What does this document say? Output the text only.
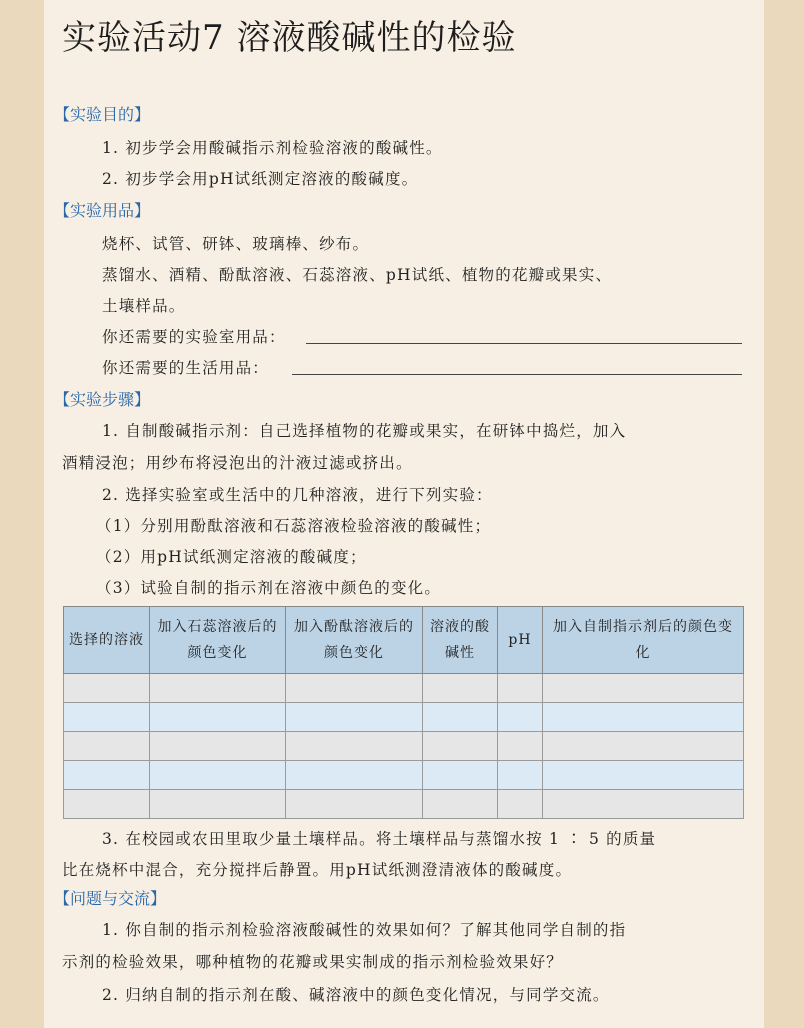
实验活动7 溶液酸碱性的检验
【实验目的】
1. 初步学会用酸碱指示剂检验溶液的酸碱性。
2. 初步学会用pH试纸测定溶液的酸碱度。
【实验用品】
烧杯、试管、研钵、玻璃棒、纱布。
蒸馏水、酒精、酚酞溶液、石蕊溶液、pH试纸、植物的花瓣或果实、
土壤样品。
你还需要的实验室用品：
你还需要的生活用品：
【实验步骤】
1. 自制酸碱指示剂：自己选择植物的花瓣或果实，在研钵中捣烂，加入
酒精浸泡；用纱布将浸泡出的汁液过滤或挤出。
2. 选择实验室或生活中的几种溶液，进行下列实验：
（1）分别用酚酞溶液和石蕊溶液检验溶液的酸碱性；
（2）用pH试纸测定溶液的酸碱度；
（3）试验自制的指示剂在溶液中颜色的变化。
选择的溶液	加入石蕊溶液后的颜色变化	加入酚酞溶液后的颜色变化	溶液的酸碱性	pH	加入自制指示剂后的颜色变化

3. 在校园或农田里取少量土壤样品。将土壤样品与蒸馏水按 1 ∶ 5 的质量
比在烧杯中混合，充分搅拌后静置。用pH试纸测澄清液体的酸碱度。
【问题与交流】
1. 你自制的指示剂检验溶液酸碱性的效果如何？了解其他同学自制的指
示剂的检验效果，哪种植物的花瓣或果实制成的指示剂检验效果好？
2. 归纳自制的指示剂在酸、碱溶液中的颜色变化情况，与同学交流。
